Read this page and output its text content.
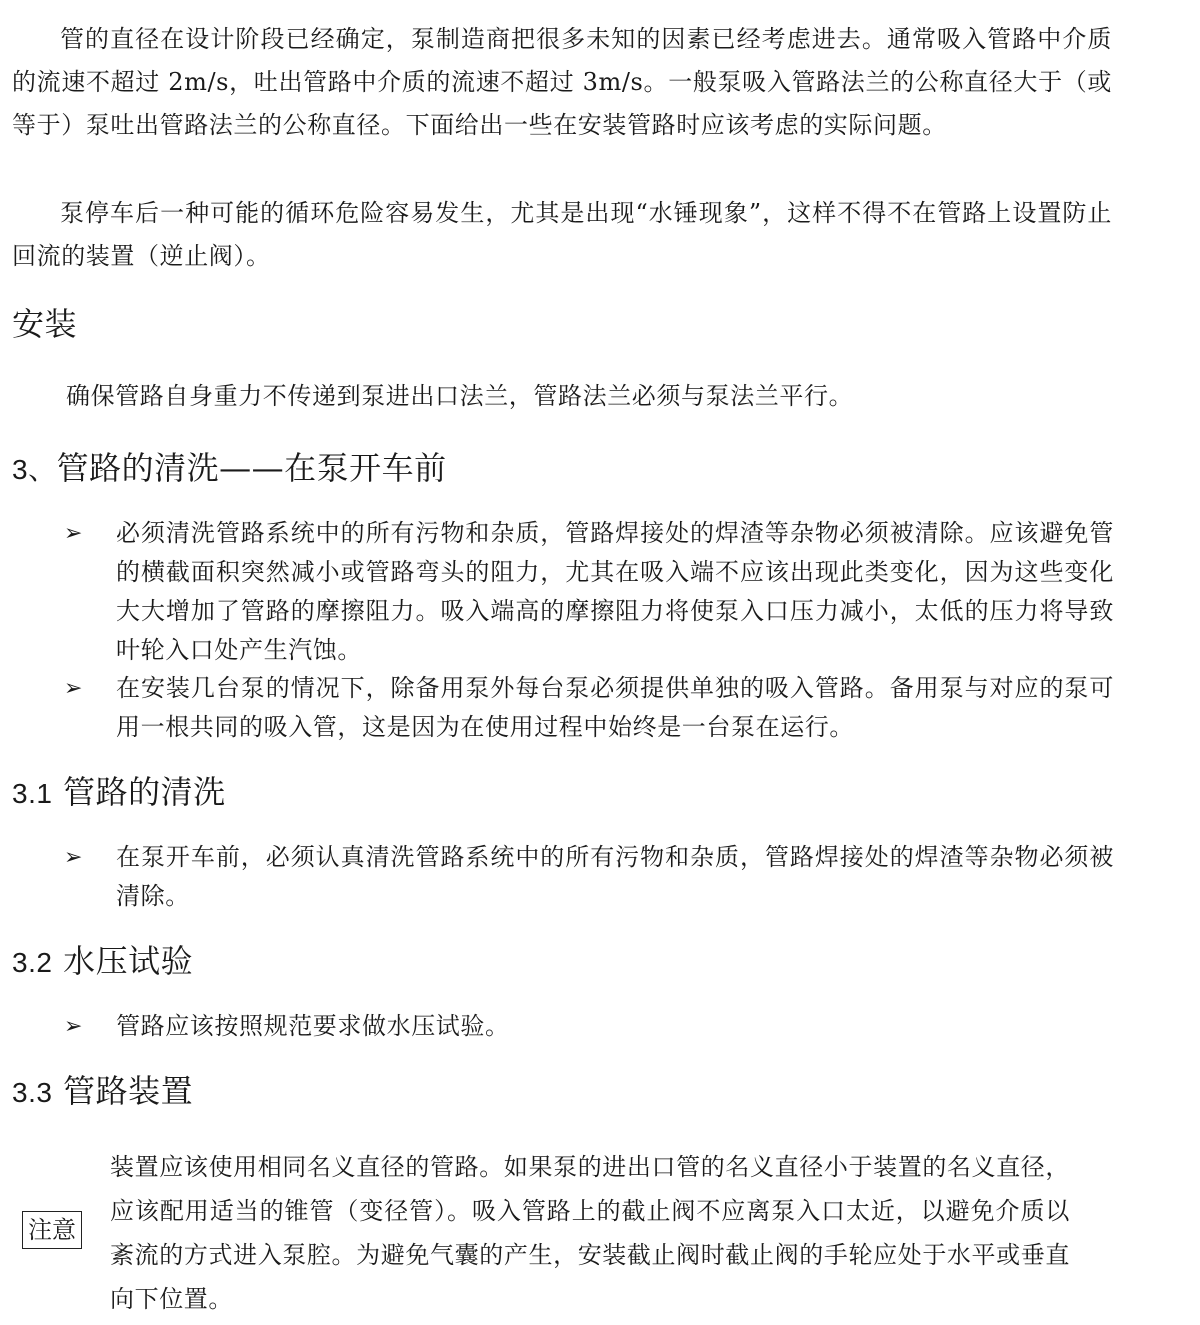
管的直径在设计阶段已经确定，泵制造商把很多未知的因素已经考虑进去。通常吸入管路中介质的流速不超过 2m/s，吐出管路中介质的流速不超过 3m/s。一般泵吸入管路法兰的公称直径大于（或等于）泵吐出管路法兰的公称直径。下面给出一些在安装管路时应该考虑的实际问题。

泵停车后一种可能的循环危险容易发生，尤其是出现“水锤现象”，这样不得不在管路上设置防止回流的装置（逆止阀）。

安装

确保管路自身重力不传递到泵进出口法兰，管路法兰必须与泵法兰平行。

3、管路的清洗——在泵开车前
➢ 必须清洗管路系统中的所有污物和杂质，管路焊接处的焊渣等杂物必须被清除。应该避免管的横截面积突然减小或管路弯头的阻力，尤其在吸入端不应该出现此类变化，因为这些变化大大增加了管路的摩擦阻力。吸入端高的摩擦阻力将使泵入口压力减小，太低的压力将导致叶轮入口处产生汽蚀。
➢ 在安装几台泵的情况下，除备用泵外每台泵必须提供单独的吸入管路。备用泵与对应的泵可用一根共同的吸入管，这是因为在使用过程中始终是一台泵在运行。
3.1 管路的清洗
➢ 在泵开车前，必须认真清洗管路系统中的所有污物和杂质，管路焊接处的焊渣等杂物必须被清除。
3.2 水压试验
➢ 管路应该按照规范要求做水压试验。
3.3 管路装置
注意

装置应该使用相同名义直径的管路。如果泵的进出口管的名义直径小于装置的名义直径，应该配用适当的锥管（变径管）。吸入管路上的截止阀不应离泵入口太近，以避免介质以紊流的方式进入泵腔。为避免气囊的产生，安装截止阀时截止阀的手轮应处于水平或垂直向下位置。
